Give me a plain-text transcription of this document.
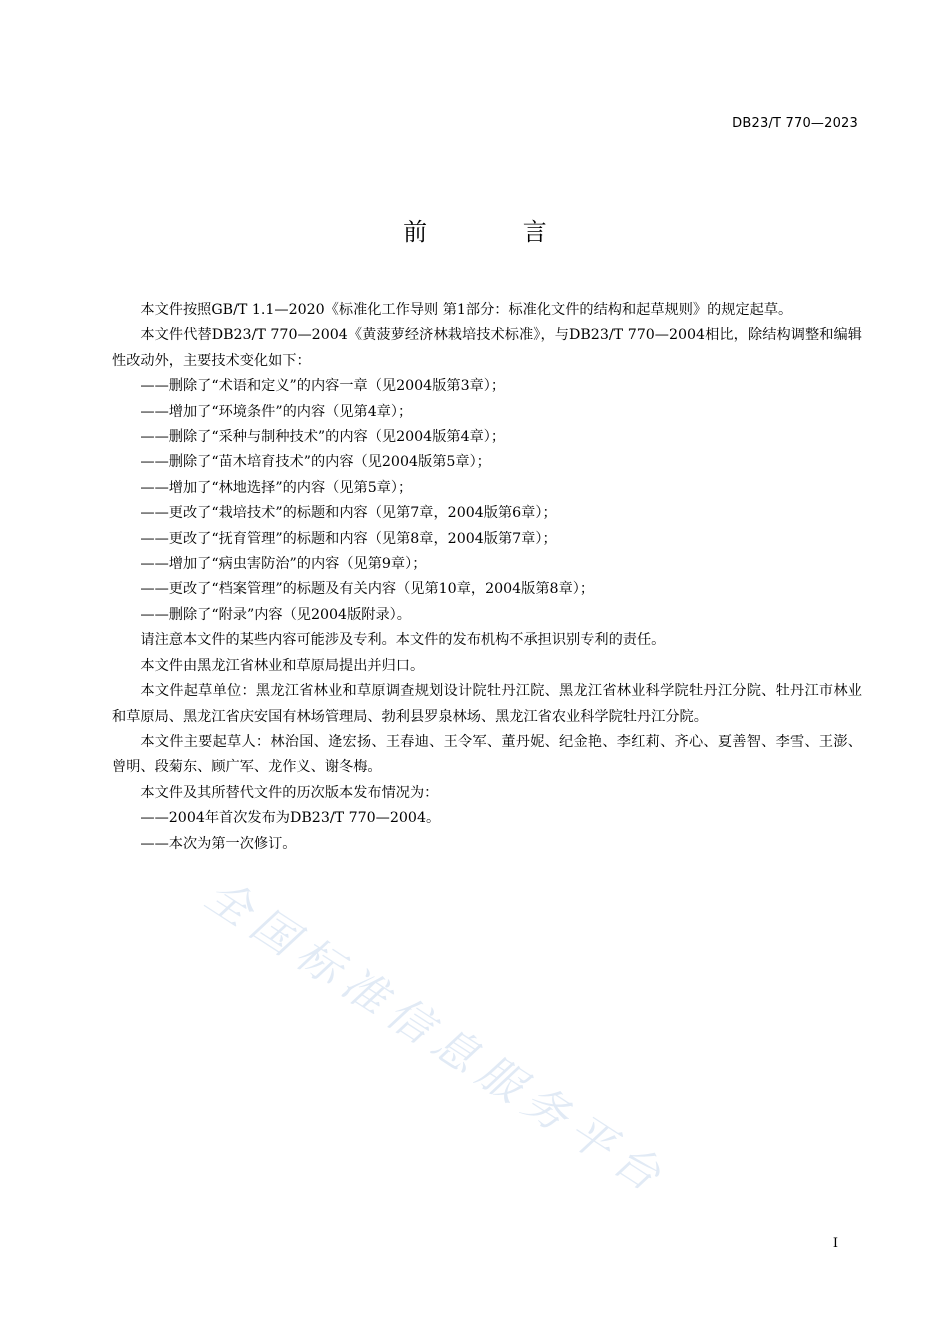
DB23/T 770—2023
前 言

本文件按照GB/T 1.1—2020《标准化工作导则 第1部分：标准化文件的结构和起草规则》的规定起草。

本文件代替DB23/T 770—2004《黄菠萝经济林栽培技术标准》，与DB23/T 770—2004相比，除结构调整和编辑性改动外，主要技术变化如下：

——删除了“术语和定义”的内容一章（见2004版第3章）；

——增加了“环境条件”的内容（见第4章）；

——删除了“采种与制种技术”的内容（见2004版第4章）；

——删除了“苗木培育技术”的内容（见2004版第5章）；

——增加了“林地选择”的内容（见第5章）；

——更改了“栽培技术”的标题和内容（见第7章，2004版第6章）；

——更改了“抚育管理”的标题和内容（见第8章，2004版第7章）；

——增加了“病虫害防治”的内容（见第9章）；

——更改了“档案管理”的标题及有关内容（见第10章，2004版第8章）；

——删除了“附录”内容（见2004版附录）。

请注意本文件的某些内容可能涉及专利。本文件的发布机构不承担识别专利的责任。

本文件由黑龙江省林业和草原局提出并归口。

本文件起草单位：黑龙江省林业和草原调查规划设计院牡丹江院、黑龙江省林业科学院牡丹江分院、牡丹江市林业和草原局、黑龙江省庆安国有林场管理局、勃利县罗泉林场、黑龙江省农业科学院牡丹江分院。

本文件主要起草人：林治国、逄宏扬、王春迪、王令军、董丹妮、纪金艳、李红莉、齐心、夏善智、李雪、王澎、曾明、段菊东、顾广军、龙作义、谢冬梅。

本文件及其所替代文件的历次版本发布情况为：

——2004年首次发布为DB23/T 770—2004。

——本次为第一次修订。

全国标准信息服务平台
I
